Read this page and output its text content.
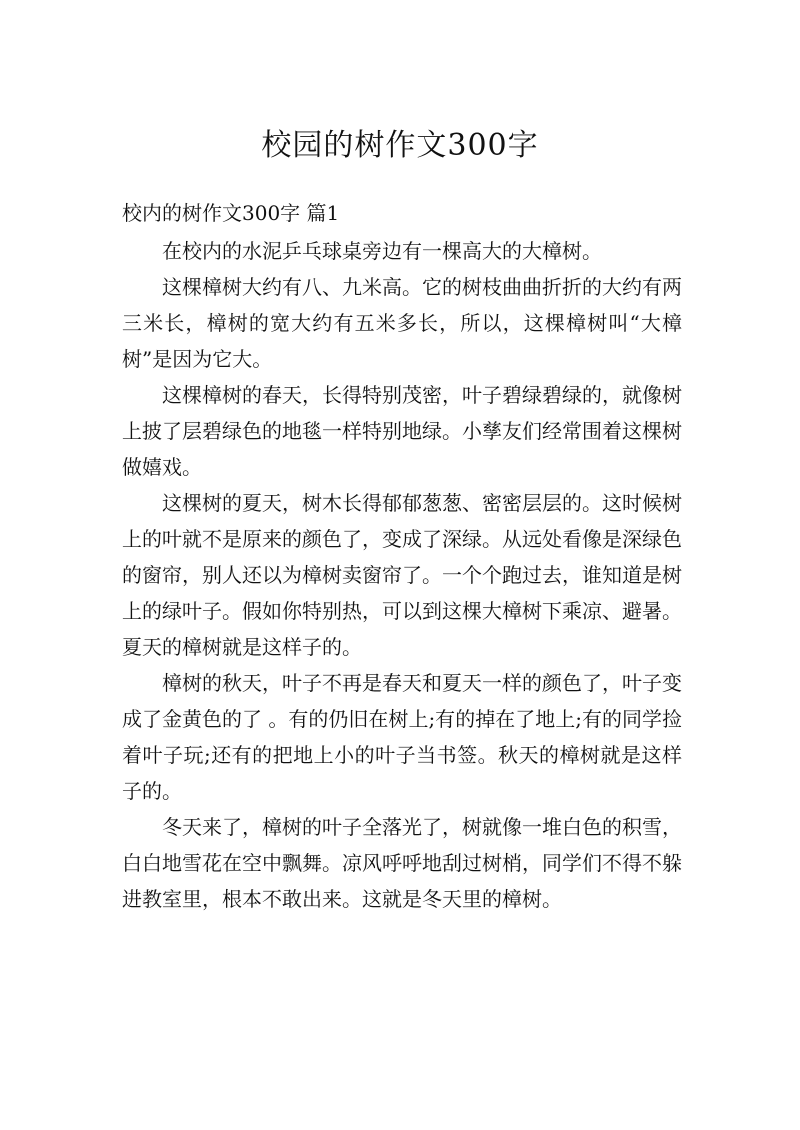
校园的树作文300字
校内的树作文300字 篇1

在校内的水泥乒乓球桌旁边有一棵高大的大樟树。

这棵樟树大约有八、九米高。它的树枝曲曲折折的大约有两三米长，樟树的宽大约有五米多长，所以，这棵樟树叫“大樟树”是因为它大。

这棵樟树的春天，长得特别茂密，叶子碧绿碧绿的，就像树上披了层碧绿色的地毯一样特别地绿。小孳友们经常围着这棵树做嬉戏。

这棵树的夏天，树木长得郁郁葱葱、密密层层的。这时候树上的叶就不是原来的颜色了，变成了深绿。从远处看像是深绿色的窗帘，别人还以为樟树卖窗帘了。一个个跑过去，谁知道是树上的绿叶子。假如你特别热，可以到这棵大樟树下乘凉、避暑。夏天的樟树就是这样子的。

樟树的秋天，叶子不再是春天和夏天一样的颜色了，叶子变成了金黄色的了 。有的仍旧在树上;有的掉在了地上;有的同学捡着叶子玩;还有的把地上小的叶子当书签。秋天的樟树就是这样子的。

冬天来了，樟树的叶子全落光了，树就像一堆白色的积雪，白白地雪花在空中飘舞。凉风呼呼地刮过树梢，同学们不得不躲进教室里，根本不敢出来。这就是冬天里的樟树。
